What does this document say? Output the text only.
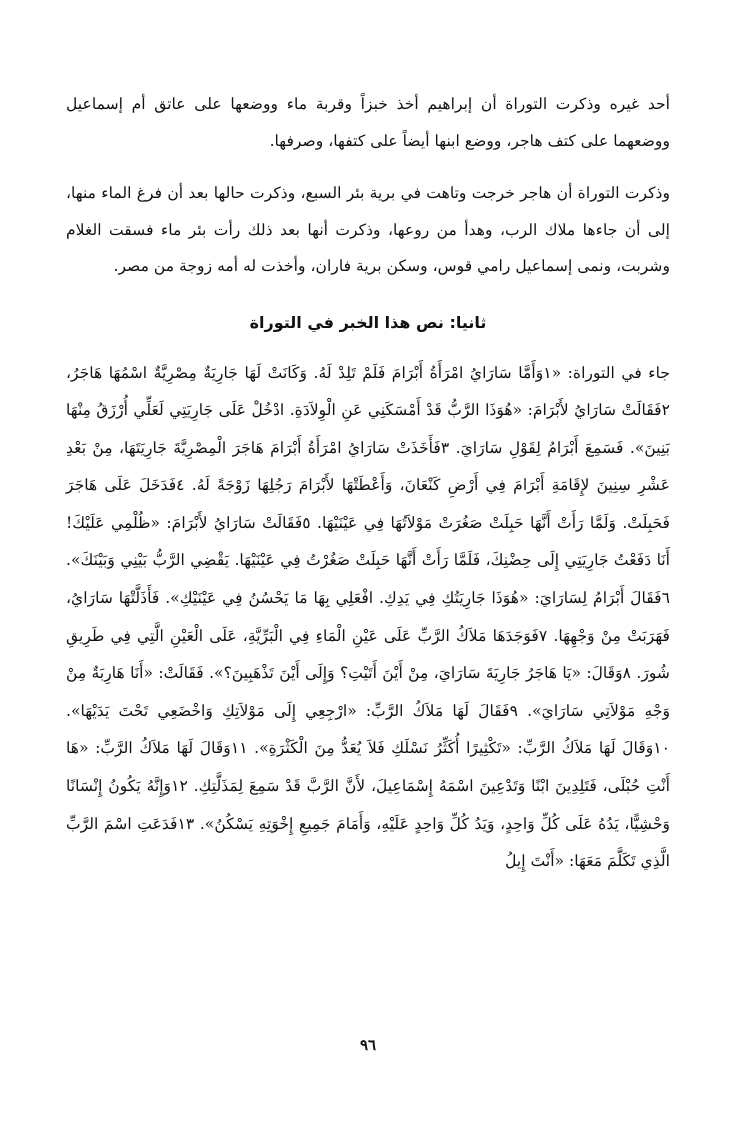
أحد غيره وذكرت التوراة أن إبراهيم أخذ خبزاً وقربة ماء ووضعها على عاتق أم إسماعيل ووضعهما على كتف هاجر، ووضع ابنها أيضاً على كتفها، وصرفها.

وذكرت التوراة أن هاجر خرجت وتاهت في برية بئر السبع، وذكرت حالها بعد أن فرغ الماء منها، إلى أن جاءها ملاك الرب، وهدأ من روعها، وذكرت أنها بعد ذلك رأت بئر ماء فسقت الغلام وشربت، ونمى إسماعيل رامي قوس، وسكن برية فاران، وأخذت له أمه زوجة من مصر.

ثانيا: نص هذا الخبر في التوراة

جاء في التوراة: «١وَأَمَّا سَارَايُ امْرَأَةُ أَبْرَامَ فَلَمْ تَلِدْ لَهُ. وَكَانَتْ لَهَا جَارِيَةٌ مِصْرِيَّةٌ اسْمُهَا هَاجَرُ، ٢فَقَالَتْ سَارَايُ لأَبْرَامَ: «هُوَذَا الرَّبُّ قَدْ أَمْسَكَنِي عَنِ الْوِلاَدَةِ. ادْخُلْ عَلَى جَارِيَتِي لَعَلِّي أُرْزَقُ مِنْهَا بَنِينَ». فَسَمِعَ أَبْرَامُ لِقَوْلِ سَارَايَ. ٣فَأَخَذَتْ سَارَايُ امْرَأَةُ أَبْرَامَ هَاجَرَ الْمِصْرِيَّةَ جَارِيَتَهَا، مِنْ بَعْدِ عَشْرِ سِنِينَ لإِقَامَةِ أَبْرَامَ فِي أَرْضِ كَنْعَانَ، وَأَعْطَتْهَا لأَبْرَامَ رَجُلِهَا زَوْجَةً لَهُ. ٤فَدَخَلَ عَلَى هَاجَرَ فَحَبِلَتْ. وَلَمَّا رَأَتْ أَنَّهَا حَبِلَتْ صَغُرَتْ مَوْلاَتُهَا فِي عَيْنَيْهَا. ٥فَقَالَتْ سَارَايُ لأَبْرَامَ: «ظُلْمِي عَلَيْكَ! أَنَا دَفَعْتُ جَارِيَتِي إِلَى حِضْنِكَ، فَلَمَّا رَأَتْ أَنَّهَا حَبِلَتْ صَغُرْتُ فِي عَيْنَيْهَا. يَقْضِي الرَّبُّ بَيْنِي وَبَيْنَكَ». ٦فَقَالَ أَبْرَامُ لِسَارَايَ: «هُوَذَا جَارِيَتُكِ فِي يَدِكِ. افْعَلِي بِهَا مَا يَحْسُنُ فِي عَيْنَيْكِ». فَأَذَلَّتْهَا سَارَايُ، فَهَرَبَتْ مِنْ وَجْهِهَا. ٧فَوَجَدَهَا مَلاَكُ الرَّبِّ عَلَى عَيْنِ الْمَاءِ فِي الْبَرِّيَّةِ، عَلَى الْعَيْنِ الَّتِي فِي طَرِيقِ شُورَ. ٨وَقَالَ: «يَا هَاجَرُ جَارِيَةَ سَارَايَ، مِنْ أَيْنَ أَتَيْتِ؟ وَإِلَى أَيْنَ تَذْهَبِينَ؟». فَقَالَتْ: «أَنَا هَارِبَةٌ مِنْ وَجْهِ مَوْلاَتِي سَارَايَ». ٩فَقَالَ لَهَا مَلاَكُ الرَّبِّ: «ارْجِعِي إِلَى مَوْلاَتِكِ وَاخْضَعِي تَحْتَ يَدَيْهَا». ١٠وَقَالَ لَهَا مَلاَكُ الرَّبِّ: «تَكْثِيرًا أُكَثِّرُ نَسْلَكِ فَلاَ يُعَدُّ مِنَ الْكَثْرَةِ». ١١وَقَالَ لَهَا مَلاَكُ الرَّبِّ: «هَا أَنْتِ حُبْلَى، فَتَلِدِينَ ابْنًا وَتَدْعِينَ اسْمَهُ إِسْمَاعِيلَ، لأَنَّ الرَّبَّ قَدْ سَمِعَ لِمَذَلَّتِكِ. ١٢وَإِنَّهُ يَكُونُ إِنْسَانًا وَحْشِيًّا، يَدُهُ عَلَى كُلِّ وَاحِدٍ، وَيَدُ كُلِّ وَاحِدٍ عَلَيْهِ، وَأَمَامَ جَمِيعِ إِخْوَتِهِ يَسْكُنُ». ١٣فَدَعَتِ اسْمَ الرَّبِّ الَّذِي تَكَلَّمَ مَعَهَا: «أَنْتَ إِيلُ

٩٦
